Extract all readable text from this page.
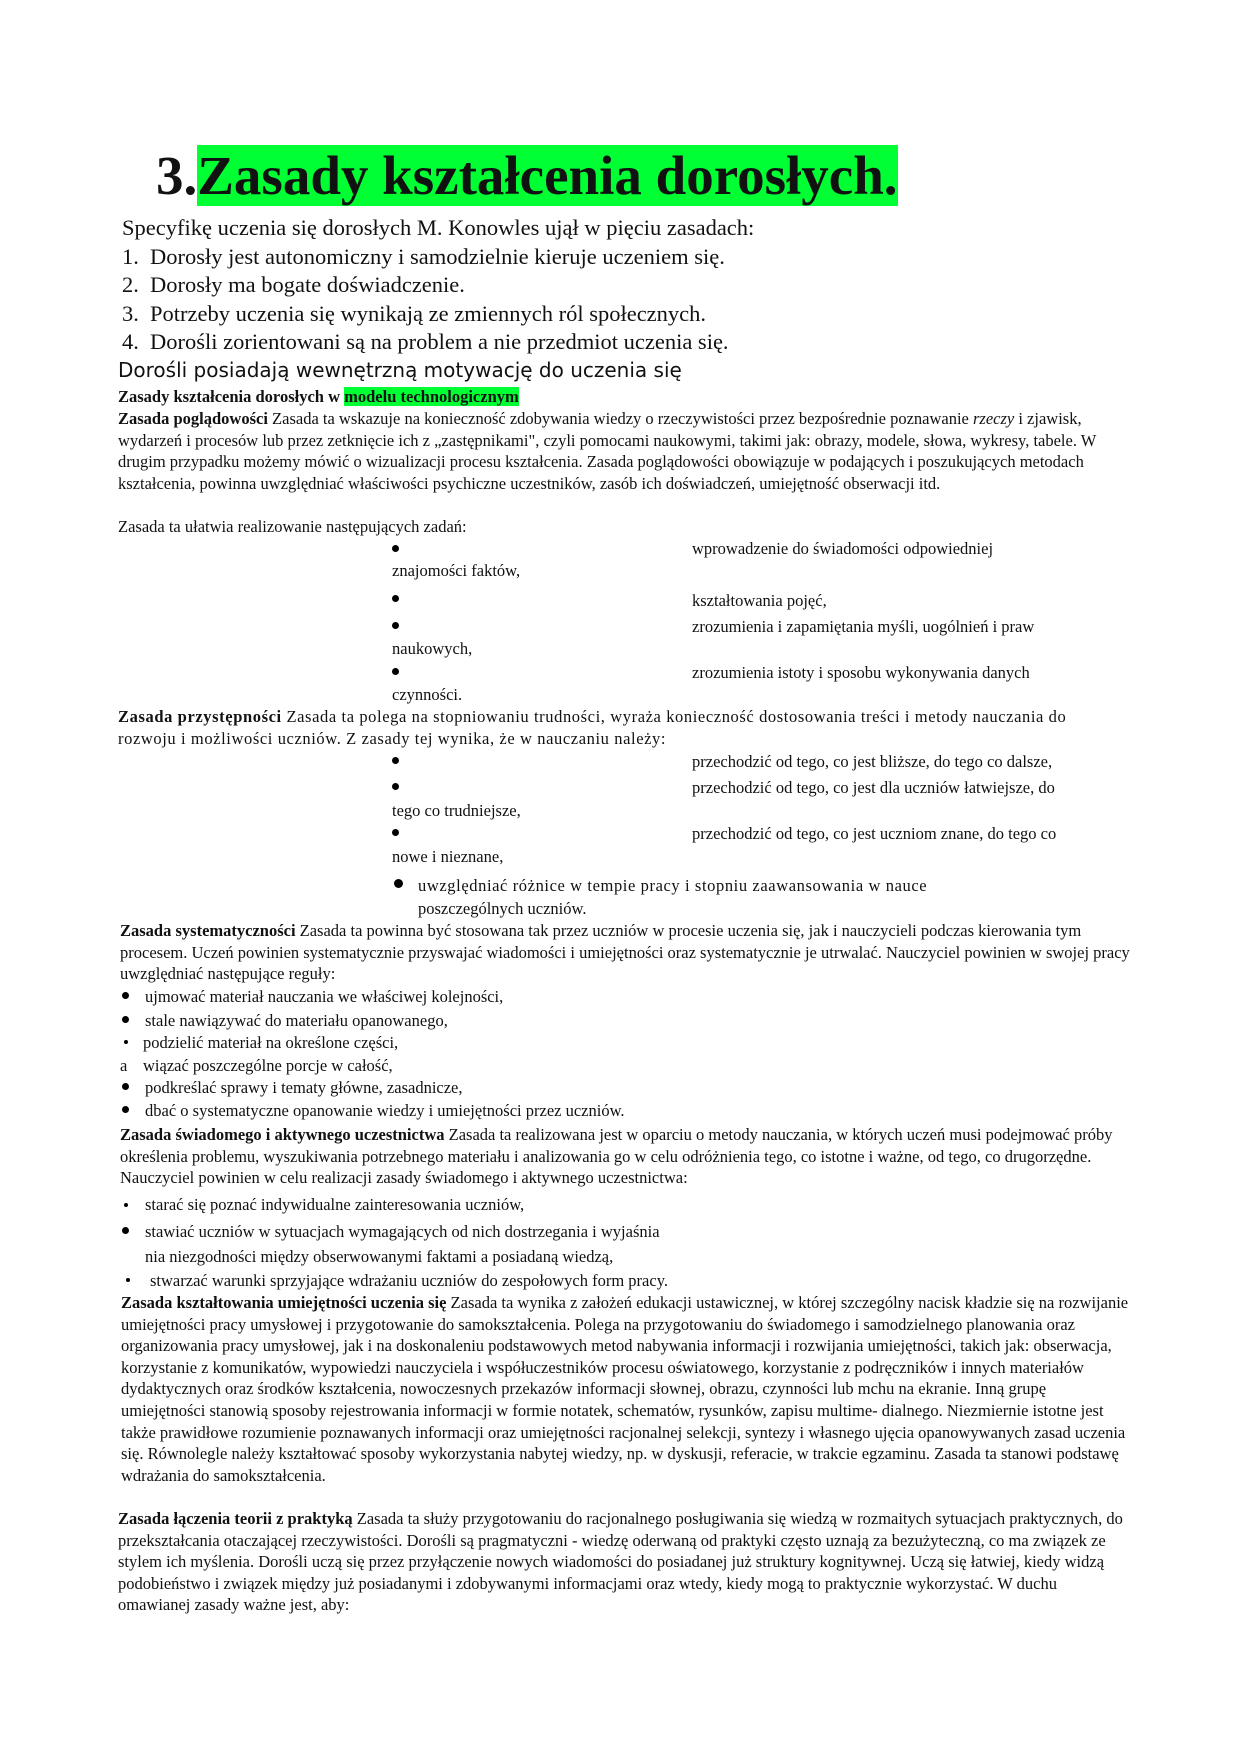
3.Zasady kształcenia dorosłych.
Specyfikę uczenia się dorosłych M. Konowles ujął w pięciu zasadach:
1. Dorosły jest autonomiczny i samodzielnie kieruje uczeniem się.
2. Dorosły ma bogate doświadczenie.
3. Potrzeby uczenia się wynikają ze zmiennych ról społecznych.
4. Dorośli zorientowani są na problem a nie przedmiot uczenia się.
Dorośli posiadają wewnętrzną motywację do uczenia się
Zasady kształcenia dorosłych w modelu technologicznym
Zasada poglądowości Zasada ta wskazuje na konieczność zdobywania wiedzy o rzeczywistości przez bezpośrednie poznawanie rzeczy i zjawisk, wydarzeń i procesów lub przez zetknięcie ich z „zastępnikami", czyli pomocami naukowymi, takimi jak: obrazy, modele, słowa, wykresy, tabele. W drugim przypadku możemy mówić o wizualizacji procesu kształcenia. Zasada poglądowości obowiązuje w podających i poszukujących metodach kształcenia, powinna uwzględniać właściwości psychiczne uczestników, zasób ich doświadczeń, umiejętność obserwacji itd.
Zasada ta ułatwia realizowanie następujących zadań:
wprowadzenie do świadomości odpowiedniej
znajomości faktów,
kształtowania pojęć,
zrozumienia i zapamiętania myśli, uogólnień i praw
naukowych,
zrozumienia istoty i sposobu wykonywania danych
czynności.
Zasada przystępności Zasada ta polega na stopniowaniu trudności, wyraża konieczność dostosowania treści i metody nauczania do rozwoju i możliwości uczniów. Z zasady tej wynika, że w nauczaniu należy:
przechodzić od tego, co jest bliższe, do tego co dalsze,
przechodzić od tego, co jest dla uczniów łatwiejsze, do
tego co trudniejsze,
przechodzić od tego, co jest uczniom znane, do tego co
nowe i nieznane,
uwzględniać różnice w tempie pracy i stopniu zaawansowania w nauce
poszczególnych uczniów.
Zasada systematyczności Zasada ta powinna być stosowana tak przez uczniów w procesie uczenia się, jak i nauczycieli podczas kierowania tym procesem. Uczeń powinien systematycznie przyswajać wiadomości i umiejętności oraz systematycznie je utrwalać. Nauczyciel powinien w swojej pracy uwzględniać następujące reguły:
ujmować materiał nauczania we właściwej kolejności,
stale nawiązywać do materiału opanowanego,
podzielić materiał na określone części,
a wiązać poszczególne porcje w całość,
podkreślać sprawy i tematy główne, zasadnicze,
dbać o systematyczne opanowanie wiedzy i umiejętności przez uczniów.
Zasada świadomego i aktywnego uczestnictwa Zasada ta realizowana jest w oparciu o metody nauczania, w których uczeń musi podejmować próby określenia problemu, wyszukiwania potrzebnego materiału i analizowania go w celu odróżnienia tego, co istotne i ważne, od tego, co drugorzędne. Nauczyciel powinien w celu realizacji zasady świadomego i aktywnego uczestnictwa:
starać się poznać indywidualne zainteresowania uczniów,
stawiać uczniów w sytuacjach wymagających od nich dostrzegania i wyjaśnia
nia niezgodności między obserwowanymi faktami a posiadaną wiedzą,
stwarzać warunki sprzyjające wdrażaniu uczniów do zespołowych form pracy.
Zasada kształtowania umiejętności uczenia się Zasada ta wynika z założeń edukacji ustawicznej, w której szczególny nacisk kładzie się na rozwijanie umiejętności pracy umysłowej i przygotowanie do samokształcenia. Polega na przygotowaniu do świadomego i samodzielnego planowania oraz organizowania pracy umysłowej, jak i na doskonaleniu podstawowych metod nabywania informacji i rozwijania umiejętności, takich jak: obserwacja, korzystanie z komunikatów, wypowiedzi nauczyciela i współuczestników procesu oświatowego, korzystanie z podręczników i innych materiałów dydaktycznych oraz środków kształcenia, nowoczesnych przekazów informacji słownej, obrazu, czynności lub mchu na ekranie. Inną grupę umiejętności stanowią sposoby rejestrowania informacji w formie notatek, schematów, rysunków, zapisu multime- dialnego. Niezmiernie istotne jest także prawidłowe rozumienie poznawanych informacji oraz umiejętności racjonalnej selekcji, syntezy i własnego ujęcia opanowywanych zasad uczenia się. Równolegle należy kształtować sposoby wykorzystania nabytej wiedzy, np. w dyskusji, referacie, w trakcie egzaminu. Zasada ta stanowi podstawę wdrażania do samokształcenia.
Zasada łączenia teorii z praktyką Zasada ta służy przygotowaniu do racjonalnego posługiwania się wiedzą w rozmaitych sytuacjach praktycznych, do przekształcania otaczającej rzeczywistości. Dorośli są pragmatyczni - wiedzę oderwaną od praktyki często uznają za bezużyteczną, co ma związek ze stylem ich myślenia. Dorośli uczą się przez przyłączenie nowych wiadomości do posiadanej już struktury kognitywnej. Uczą się łatwiej, kiedy widzą podobieństwo i związek między już posiadanymi i zdobywanymi informacjami oraz wtedy, kiedy mogą to praktycznie wykorzystać. W duchu omawianej zasady ważne jest, aby:
